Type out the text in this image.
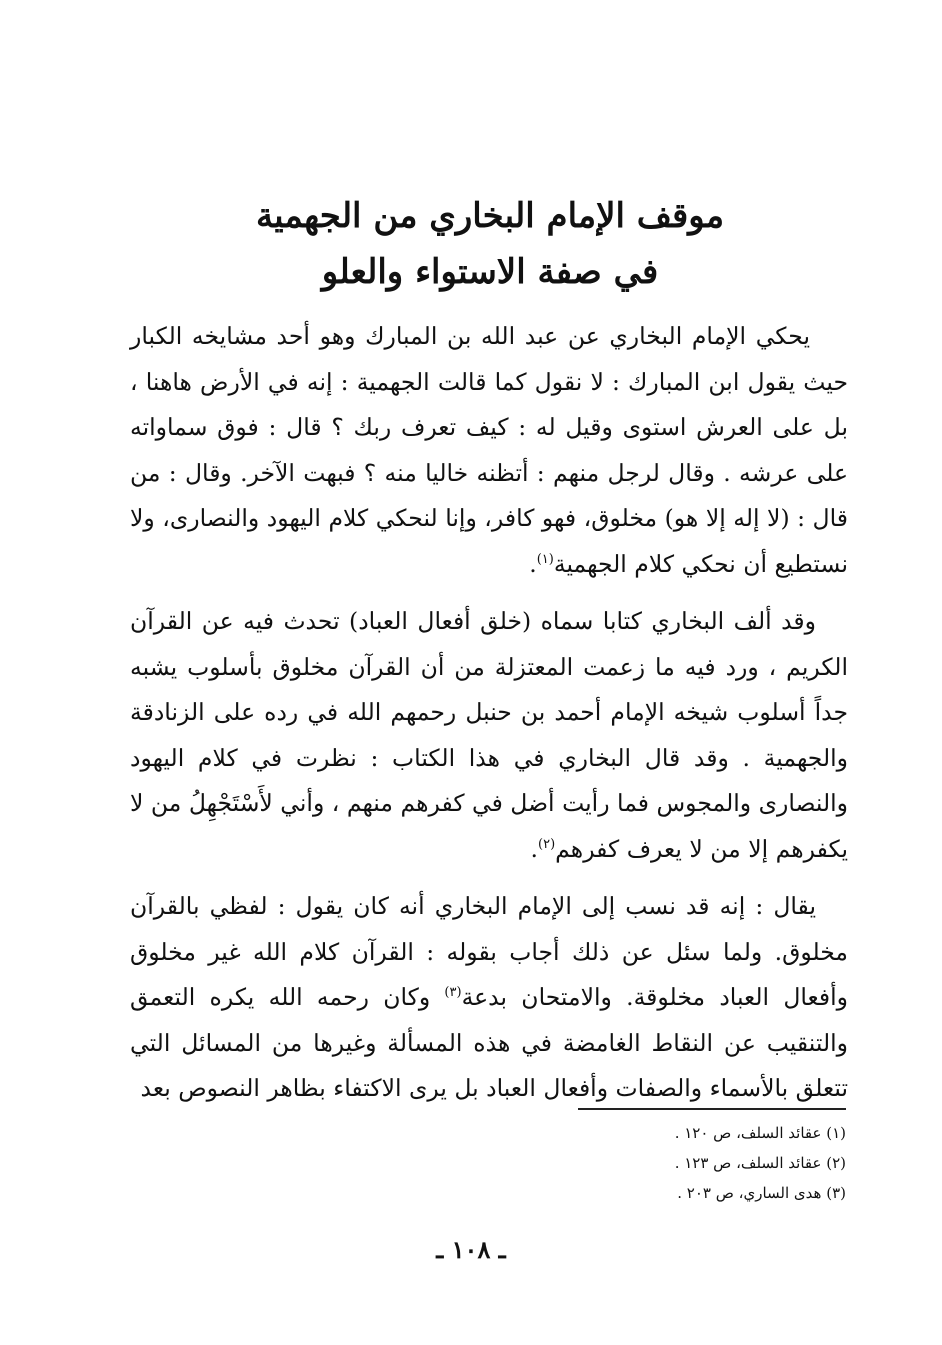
موقف الإمام البخاري من الجهمية
في صفة الاستواء والعلو

يحكي الإمام البخاري عن عبد الله بن المبارك وهو أحد مشايخه الكبار حيث يقول ابن المبارك : لا نقول كما قالت الجهمية : إنه في الأرض هاهنا ، بل على العرش استوى وقيل له : كيف تعرف ربك ؟ قال : فوق سماواته على عرشه . وقال لرجل منهم : أتظنه خاليا منه ؟ فبهت الآخر. وقال : من قال : (لا إله إلا هو) مخلوق، فهو كافر، وإنا لنحكي كلام اليهود والنصارى، ولا نستطيع أن نحكي كلام الجهمية$^{(١)}$.

وقد ألف البخاري كتابا سماه (خلق أفعال العباد) تحدث فيه عن القرآن الكريم ، ورد فيه ما زعمت المعتزلة من أن القرآن مخلوق بأسلوب يشبه جداً أسلوب شيخه الإمام أحمد بن حنبل رحمهم الله في رده على الزنادقة والجهمية . وقد قال البخاري في هذا الكتاب : نظرت في كلام اليهود والنصارى والمجوس فما رأيت أضل في كفرهم منهم ، وأني لأَسْتَجْهِلُ من لا يكفرهم إلا من لا يعرف كفرهم$^{(٢)}$.

يقال : إنه قد نسب إلى الإمام البخاري أنه كان يقول : لفظي بالقرآن مخلوق. ولما سئل عن ذلك أجاب بقوله : القرآن كلام الله غير مخلوق وأفعال العباد مخلوقة. والامتحان بدعة$^{(٣)}$ وكان رحمه الله يكره التعمق والتنقيب عن النقاط الغامضة في هذه المسألة وغيرها من المسائل التي تتعلق بالأسماء والصفات وأفعال العباد بل يرى الاكتفاء بظاهر النصوص بعد

(١) عقائد السلف، ص ١٢٠ .

(٢) عقائد السلف، ص ١٢٣ .

(٣) هدى الساري، ص ٢٠٣ .

ـ ١٠٨ ـ
